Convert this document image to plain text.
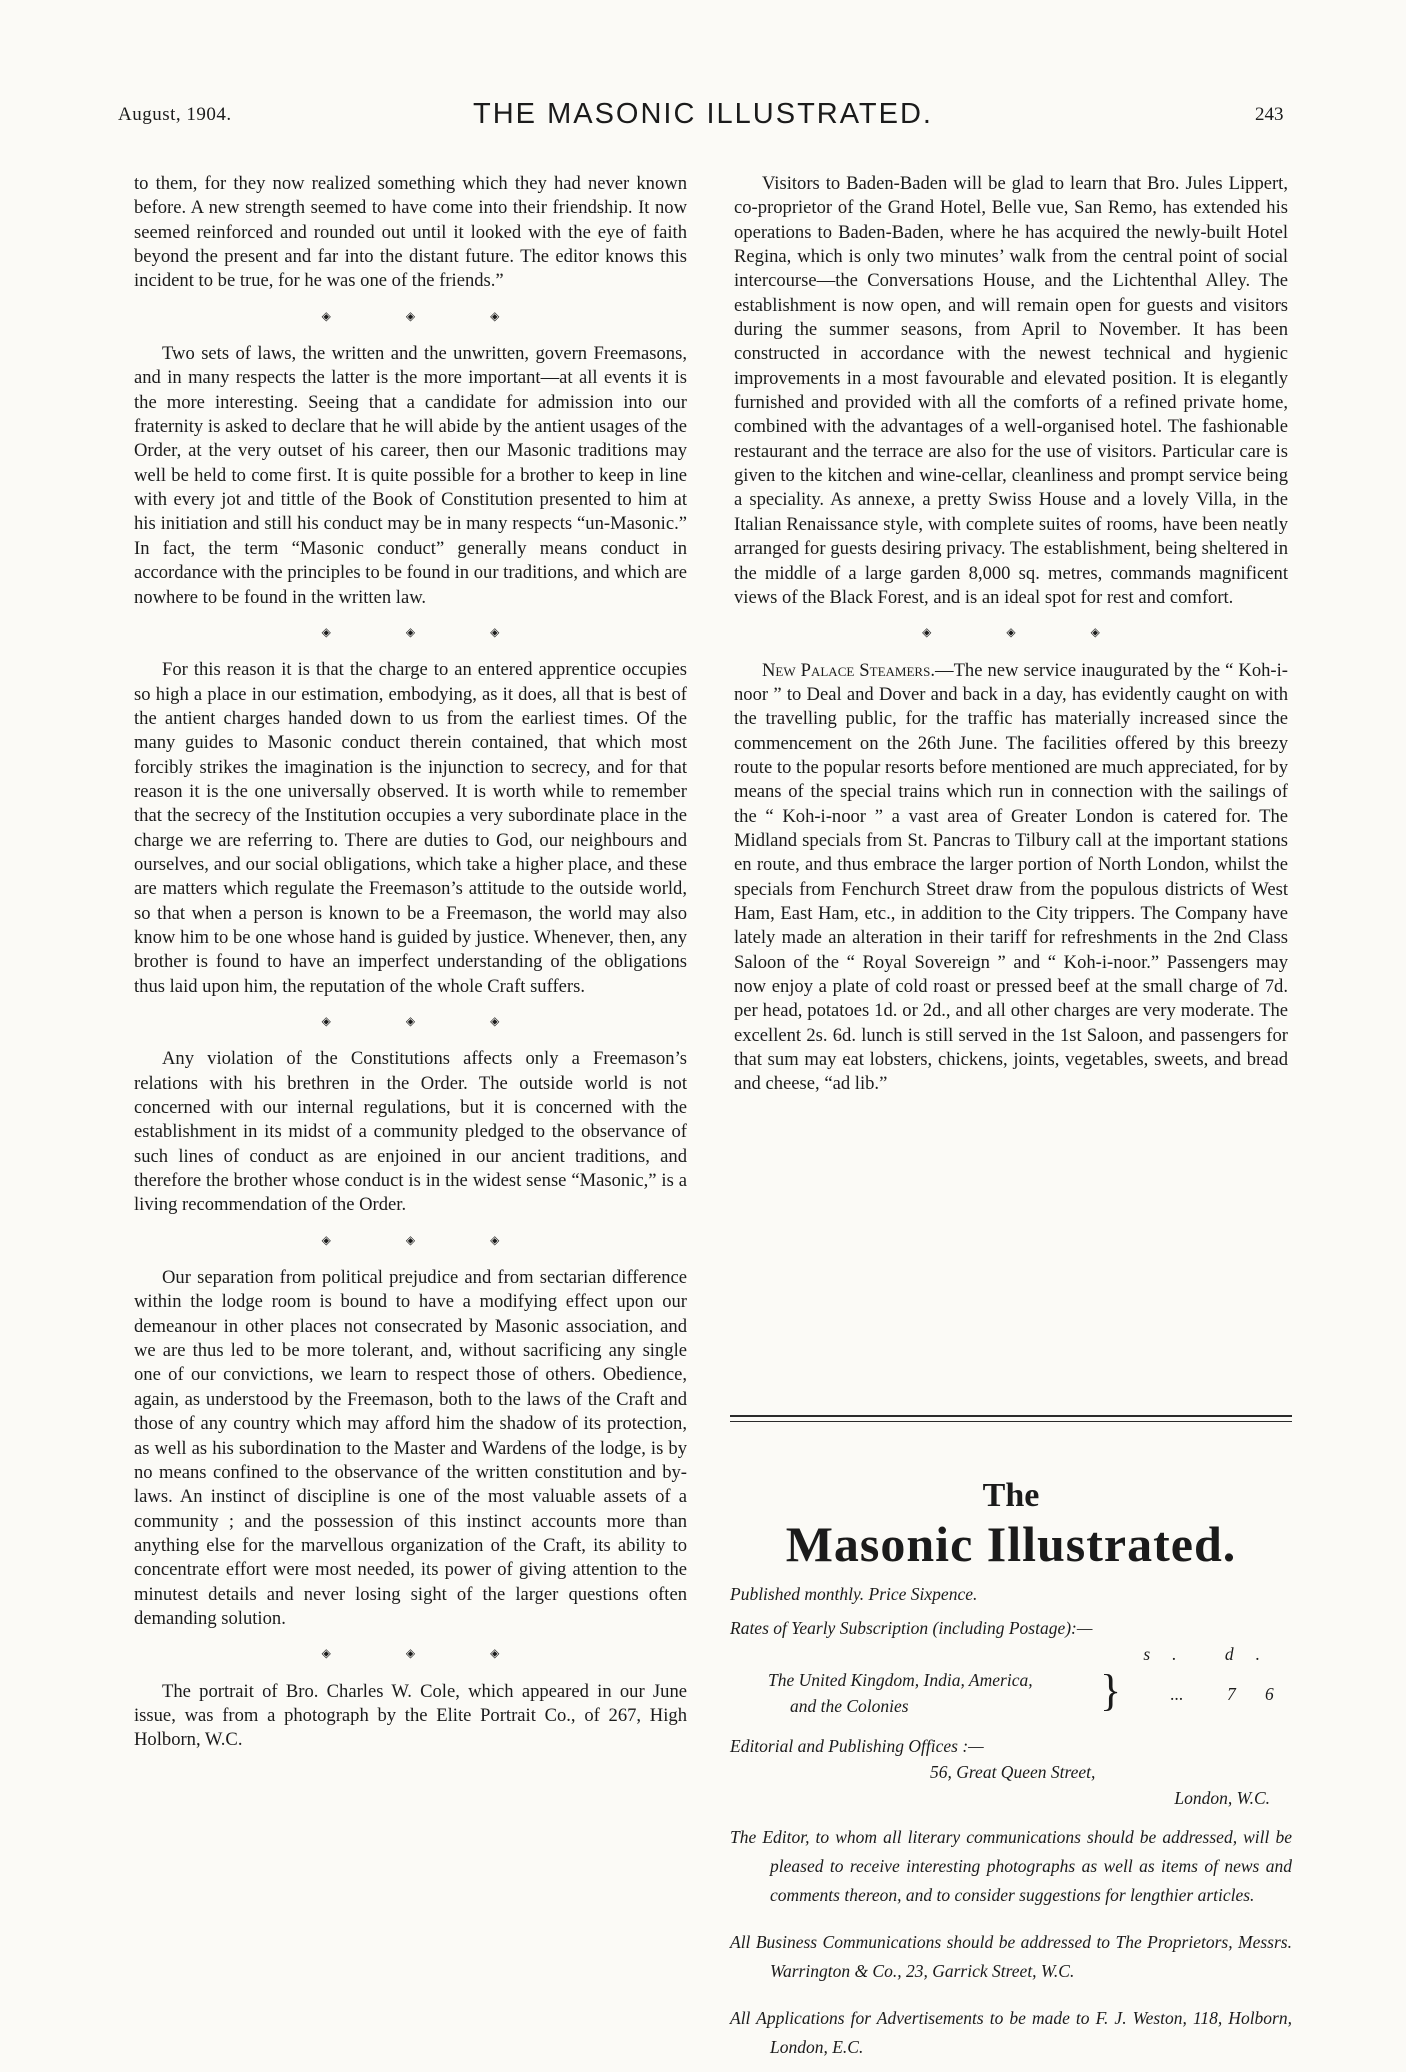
August, 1904.	THE MASONIC ILLUSTRATED.	243

to them, for they now realized something which they had never known before. A new strength seemed to have come into their friendship. It now seemed reinforced and rounded out until it looked with the eye of faith beyond the present and far into the distant future. The editor knows this incident to be true, for he was one of the friends.”

◈ ◈ ◈

Two sets of laws, the written and the unwritten, govern Freemasons, and in many respects the latter is the more important—at all events it is the more interesting. Seeing that a candidate for admission into our fraternity is asked to declare that he will abide by the antient usages of the Order, at the very outset of his career, then our Masonic traditions may well be held to come first. It is quite possible for a brother to keep in line with every jot and tittle of the Book of Constitution presented to him at his initiation and still his conduct may be in many respects “un-Masonic.” In fact, the term “Masonic conduct” generally means conduct in accordance with the principles to be found in our traditions, and which are nowhere to be found in the written law.

◈ ◈ ◈

For this reason it is that the charge to an entered apprentice occupies so high a place in our estimation, embodying, as it does, all that is best of the antient charges handed down to us from the earliest times. Of the many guides to Masonic conduct therein contained, that which most forcibly strikes the imagination is the injunction to secrecy, and for that reason it is the one universally observed. It is worth while to remember that the secrecy of the Institution occupies a very subordinate place in the charge we are referring to. There are duties to God, our neighbours and ourselves, and our social obligations, which take a higher place, and these are matters which regulate the Freemason’s attitude to the outside world, so that when a person is known to be a Freemason, the world may also know him to be one whose hand is guided by justice. Whenever, then, any brother is found to have an imperfect understanding of the obligations thus laid upon him, the reputation of the whole Craft suffers.

◈ ◈ ◈

Any violation of the Constitutions affects only a Freemason’s relations with his brethren in the Order. The outside world is not concerned with our internal regulations, but it is concerned with the establishment in its midst of a community pledged to the observance of such lines of conduct as are enjoined in our ancient traditions, and therefore the brother whose conduct is in the widest sense “Masonic,” is a living recommendation of the Order.

◈ ◈ ◈

Our separation from political prejudice and from sectarian difference within the lodge room is bound to have a modifying effect upon our demeanour in other places not consecrated by Masonic association, and we are thus led to be more tolerant, and, without sacrificing any single one of our convictions, we learn to respect those of others. Obedience, again, as understood by the Freemason, both to the laws of the Craft and those of any country which may afford him the shadow of its protection, as well as his subordination to the Master and Wardens of the lodge, is by no means confined to the observance of the written constitution and by-laws. An instinct of discipline is one of the most valuable assets of a community ; and the possession of this instinct accounts more than anything else for the marvellous organization of the Craft, its ability to concentrate effort were most needed, its power of giving attention to the minutest details and never losing sight of the larger questions often demanding solution.

◈ ◈ ◈

The portrait of Bro. Charles W. Cole, which appeared in our June issue, was from a photograph by the Elite Portrait Co., of 267, High Holborn, W.C.

Visitors to Baden-Baden will be glad to learn that Bro. Jules Lippert, co-proprietor of the Grand Hotel, Belle vue, San Remo, has extended his operations to Baden-Baden, where he has acquired the newly-built Hotel Regina, which is only two minutes’ walk from the central point of social intercourse—the Conversations House, and the Lichtenthal Alley. The establishment is now open, and will remain open for guests and visitors during the summer seasons, from April to November. It has been constructed in accordance with the newest technical and hygienic improvements in a most favourable and elevated position. It is elegantly furnished and provided with all the comforts of a refined private home, combined with the advantages of a well-organised hotel. The fashionable restaurant and the terrace are also for the use of visitors. Particular care is given to the kitchen and wine-cellar, cleanliness and prompt service being a speciality. As annexe, a pretty Swiss House and a lovely Villa, in the Italian Renaissance style, with complete suites of rooms, have been neatly arranged for guests desiring privacy. The establishment, being sheltered in the middle of a large garden 8,000 sq. metres, commands magnificent views of the Black Forest, and is an ideal spot for rest and comfort.

◈ ◈ ◈

New Palace Steamers.—The new service inaugurated by the “ Koh-i-noor ” to Deal and Dover and back in a day, has evidently caught on with the travelling public, for the traffic has materially increased since the commencement on the 26th June. The facilities offered by this breezy route to the popular resorts before mentioned are much appreciated, for by means of the special trains which run in connection with the sailings of the “ Koh-i-noor ” a vast area of Greater London is catered for. The Midland specials from St. Pancras to Tilbury call at the important stations en route, and thus embrace the larger portion of North London, whilst the specials from Fenchurch Street draw from the populous districts of West Ham, East Ham, etc., in addition to the City trippers. The Company have lately made an alteration in their tariff for refreshments in the 2nd Class Saloon of the “ Royal Sovereign ” and “ Koh-i-noor.” Passengers may now enjoy a plate of cold roast or pressed beef at the small charge of 7d. per head, potatoes 1d. or 2d., and all other charges are very moderate. The excellent 2s. 6d. lunch is still served in the 1st Saloon, and passengers for that sum may eat lobsters, chickens, joints, vegetables, sweets, and bread and cheese, “ad lib.”

The
Masonic Illustrated.

Published monthly. Price Sixpence.

Rates of Yearly Subscription (including Postage):—

s. d.

The United Kingdom, India, America,
and the Colonies	}	...	7 6

Editorial and Publishing Offices :—

56, Great Queen Street,

London, W.C.

The Editor, to whom all literary communications should be addressed, will be pleased to receive interesting photographs as well as items of news and comments thereon, and to consider suggestions for lengthier articles.

All Business Communications should be addressed to The Proprietors, Messrs. Warrington & Co., 23, Garrick Street, W.C.

All Applications for Advertisements to be made to F. J. Weston, 118, Holborn, London, E.C.
